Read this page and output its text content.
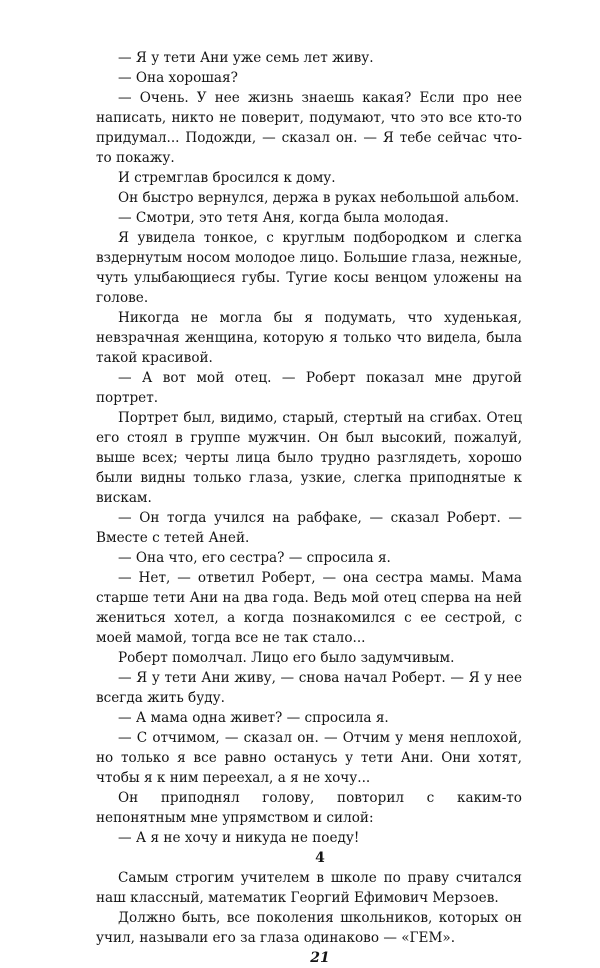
— Я у тети Ани уже семь лет живу.

— Она хорошая?

— Очень. У нее жизнь знаешь какая? Если про нее написать, никто не поверит, подумают, что это все кто-то придумал... Подожди, — сказал он. — Я тебе сейчас что-то покажу.

И стремглав бросился к дому.

Он быстро вернулся, держа в руках небольшой альбом.

— Смотри, это тетя Аня, когда была молодая.

Я увидела тонкое, с круглым подбородком и слегка вздернутым носом молодое лицо. Большие глаза, нежные, чуть улыбающиеся губы. Тугие косы венцом уложены на голове.

Никогда не могла бы я подумать, что худенькая, невзрачная женщина, которую я только что видела, была такой красивой.

— А вот мой отец. — Роберт показал мне другой портрет.

Портрет был, видимо, старый, стертый на сгибах. Отец его стоял в группе мужчин. Он был высокий, пожалуй, выше всех; черты лица было трудно разглядеть, хорошо были видны только глаза, узкие, слегка приподнятые к вискам.

— Он тогда учился на рабфаке, — сказал Роберт. — Вместе с тетей Аней.

— Она что, его сестра? — спросила я.

— Нет, — ответил Роберт, — она сестра мамы. Мама старше тети Ани на два года. Ведь мой отец сперва на ней жениться хотел, а когда познакомился с ее сестрой, с моей мамой, тогда все не так стало...

Роберт помолчал. Лицо его было задумчивым.

— Я у тети Ани живу, — снова начал Роберт. — Я у нее всегда жить буду.

— А мама одна живет? — спросила я.

— С отчимом, — сказал он. — Отчим у меня неплохой, но только я все равно останусь у тети Ани. Они хотят, чтобы я к ним переехал, а я не хочу...

Он приподнял голову, повторил с каким-то непонятным мне упрямством и силой:

— А я не хочу и никуда не поеду!

4

Самым строгим учителем в школе по праву считался наш классный, математик Георгий Ефимович Мерзоев.

Должно быть, все поколения школьников, которых он учил, называли его за глаза одинаково — «ГЕМ».

21
